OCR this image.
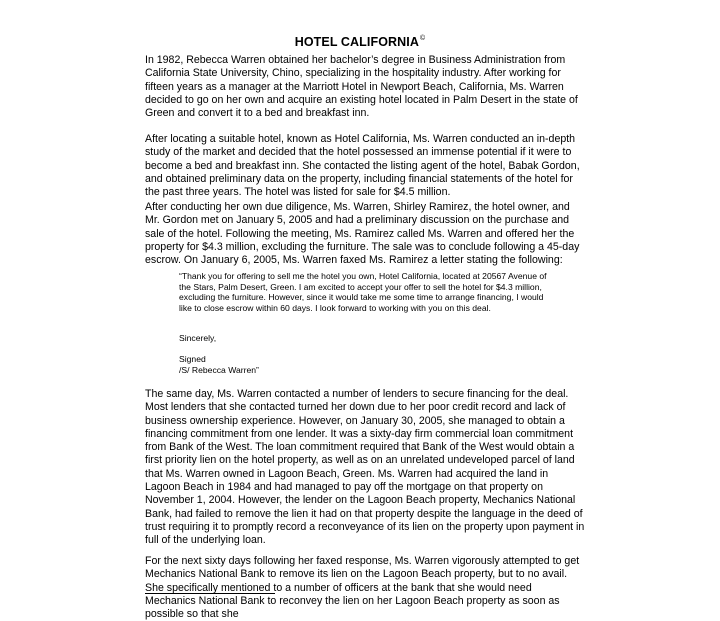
HOTEL CALIFORNIA©

In 1982, Rebecca Warren obtained her bachelor’s degree in Business Administration from California State University, Chino, specializing in the hospitality industry. After working for fifteen years as a manager at the Marriott Hotel in Newport Beach, California, Ms. Warren decided to go on her own and acquire an existing hotel located in Palm Desert in the state of Green and convert it to a bed and breakfast inn.

After locating a suitable hotel, known as Hotel California, Ms. Warren conducted an in-depth study of the market and decided that the hotel possessed an immense potential if it were to become a bed and breakfast inn. She contacted the listing agent of the hotel, Babak Gordon, and obtained preliminary data on the property, including financial statements of the hotel for the past three years. The hotel was listed for sale for $4.5 million.

After conducting her own due diligence, Ms. Warren, Shirley Ramirez, the hotel owner, and Mr. Gordon met on January 5, 2005 and had a preliminary discussion on the purchase and sale of the hotel. Following the meeting, Ms. Ramirez called Ms. Warren and offered her the property for $4.3 million, excluding the furniture. The sale was to conclude following a 45-day escrow. On January 6, 2005, Ms. Warren faxed Ms. Ramirez a letter stating the following:

“Thank you for offering to sell me the hotel you own, Hotel California, located at 20567 Avenue of the Stars, Palm Desert, Green. I am excited to accept your offer to sell the hotel for $4.3 million, excluding the furniture. However, since it would take me some time to arrange financing, I would like to close escrow within 60 days. I look forward to working with you on this deal.

Sincerely,

Signed

/S/ Rebecca Warren”

The same day, Ms. Warren contacted a number of lenders to secure financing for the deal. Most lenders that she contacted turned her down due to her poor credit record and lack of business ownership experience. However, on January 30, 2005, she managed to obtain a financing commitment from one lender. It was a sixty-day firm commercial loan commitment from Bank of the West. The loan commitment required that Bank of the West would obtain a first priority lien on the hotel property, as well as on an unrelated undeveloped parcel of land that Ms. Warren owned in Lagoon Beach, Green. Ms. Warren had acquired the land in Lagoon Beach in 1984 and had managed to pay off the mortgage on that property on November 1, 2004. However, the lender on the Lagoon Beach property, Mechanics National Bank, had failed to remove the lien it had on that property despite the language in the deed of trust requiring it to promptly record a reconveyance of its lien on the property upon payment in full of the underlying loan.

For the next sixty days following her faxed response, Ms. Warren vigorously attempted to get Mechanics National Bank to remove its lien on the Lagoon Beach property, but to no avail. She specifically mentioned to a number of officers at the bank that she would need Mechanics National Bank to reconvey the lien on her Lagoon Beach property as soon as possible so that she
